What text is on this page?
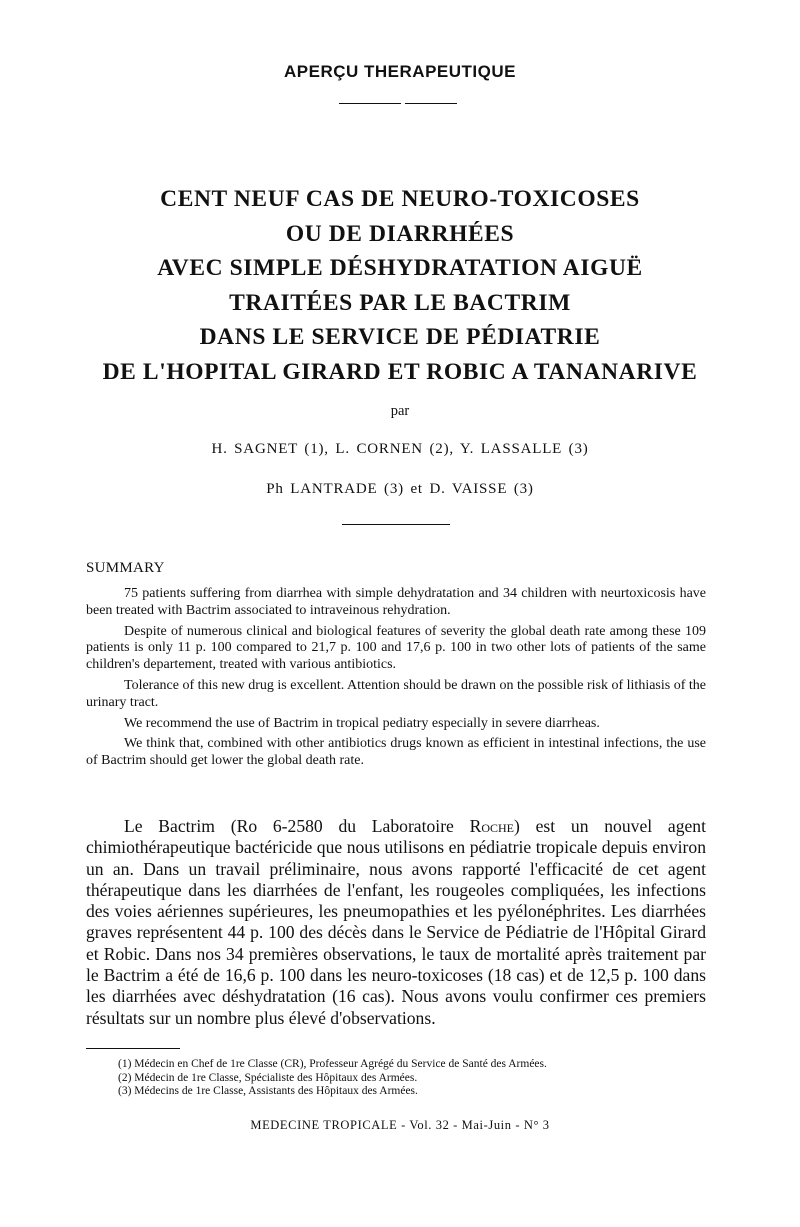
APERÇU THERAPEUTIQUE
CENT NEUF CAS DE NEURO-TOXICOSES
OU DE DIARRHÉES
AVEC SIMPLE DÉSHYDRATATION AIGUË
TRAITÉES PAR LE BACTRIM
DANS LE SERVICE DE PÉDIATRIE
DE L'HOPITAL GIRARD ET ROBIC A TANANARIVE
par
H. SAGNET (1), L. CORNEN (2), Y. LASSALLE (3)
Ph LANTRADE (3) et D. VAISSE (3)
SUMMARY

75 patients suffering from diarrhea with simple dehydratation and 34 children with neurtoxicosis have been treated with Bactrim associated to intraveinous rehydration.

Despite of numerous clinical and biological features of severity the global death rate among these 109 patients is only 11 p. 100 compared to 21,7 p. 100 and 17,6 p. 100 in two other lots of patients of the same children's departement, treated with various antibiotics.

Tolerance of this new drug is excellent. Attention should be drawn on the possible risk of lithiasis of the urinary tract.

We recommend the use of Bactrim in tropical pediatry especially in severe diarrheas.

We think that, combined with other antibiotics drugs known as efficient in intestinal infections, the use of Bactrim should get lower the global death rate.

Le Bactrim (Ro 6-2580 du Laboratoire Roche) est un nouvel agent chimiothérapeutique bactéricide que nous utilisons en pédiatrie tropicale depuis environ un an. Dans un travail préliminaire, nous avons rapporté l'efficacité de cet agent thérapeutique dans les diarrhées de l'enfant, les rougeoles compliquées, les infections des voies aériennes supérieures, les pneumopathies et les pyélonéphrites. Les diarrhées graves représentent 44 p. 100 des décès dans le Service de Pédiatrie de l'Hôpital Girard et Robic. Dans nos 34 premières observations, le taux de mortalité après traitement par le Bactrim a été de 16,6 p. 100 dans les neuro-toxicoses (18 cas) et de 12,5 p. 100 dans les diarrhées avec déshydratation (16 cas). Nous avons voulu confirmer ces premiers résultats sur un nombre plus élevé d'observations.

(1) Médecin en Chef de 1re Classe (CR), Professeur Agrégé du Service de Santé des Armées.
(2) Médecin de 1re Classe, Spécialiste des Hôpitaux des Armées.
(3) Médecins de 1re Classe, Assistants des Hôpitaux des Armées.
MEDECINE TROPICALE - Vol. 32 - Mai-Juin - N° 3
